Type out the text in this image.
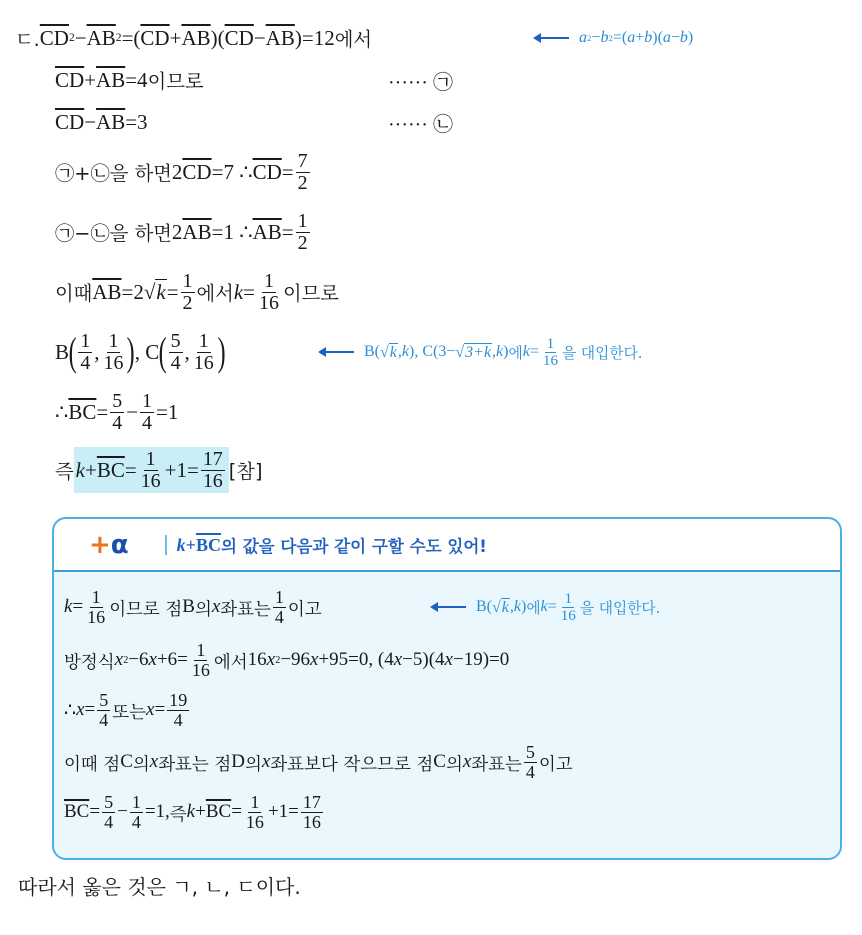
ㄷ. $\overline{CD}$ $2 - \overline{AB}$ 2 =( $\overline{CD} + \overline{AB}$ )( $\overline{CD} - \overline{AB}$ )=12 에서	a 2 − b 2 =( a + b )( a − b )
$\overline{CD} + \overline{AB} =4$ 이므로	······ ㉠
$\overline{CD} - \overline{AB} =3$	······ ㉡
㉠+㉡을 하면 2 $\overline{CD} =7$ ∴ $\overline{CD} = \frac{7}{2}$
㉠−㉡을 하면 2 $\overline{AB} =1$ ∴ $\overline{AB} = \frac{1}{2}$
이때 $\overline{AB} =2$ √ $k = \frac{1}{2}$ 에서 $k = \frac{1}{16}$ 이므로
B ( $\frac{1}{4}$ , $\frac{1}{16}$ ) , C ( $\frac{5}{4}$ , $\frac{1}{16}$ )	B( √ k , k ), C(3− √ 3+k , k ) 에 $k = \frac{1}{16}$ 을 대입한다.
∴ $\overline{BC} = \frac{5}{4} - \frac{1}{4} =1$
즉 $k + \overline{BC} = \frac{1}{16} +1= \frac{17}{16}$ [참]
+ α	$k + \overline{BC}$ 의 값을 다음과 같이 구할 수도 있어!
$k = \frac{1}{16}$ 이므로 점 B 의 x 좌표는 $\frac{1}{4}$ 이고	B( √ k , k ) 에 $k = \frac{1}{16}$ 을 대입한다.
방정식 x 2 −6 $x +6= \frac{1}{16}$ 에서 16 x 2 −96 x +95=0, (4 x −5)(4 x −19)=0
∴ $x = \frac{5}{4}$ 또는 $x = \frac{19}{4}$
이때 점 C 의 x 좌표는 점 D 의 x 좌표보다 작으므로 점 C 의 x 좌표는 $\frac{5}{4}$ 이고
$\overline{BC} = \frac{5}{4} - \frac{1}{4} =1$, 즉 $k + \overline{BC} = \frac{1}{16} +1= \frac{17}{16}$
따라서 옳은 것은 ㄱ, ㄴ, ㄷ이다.
